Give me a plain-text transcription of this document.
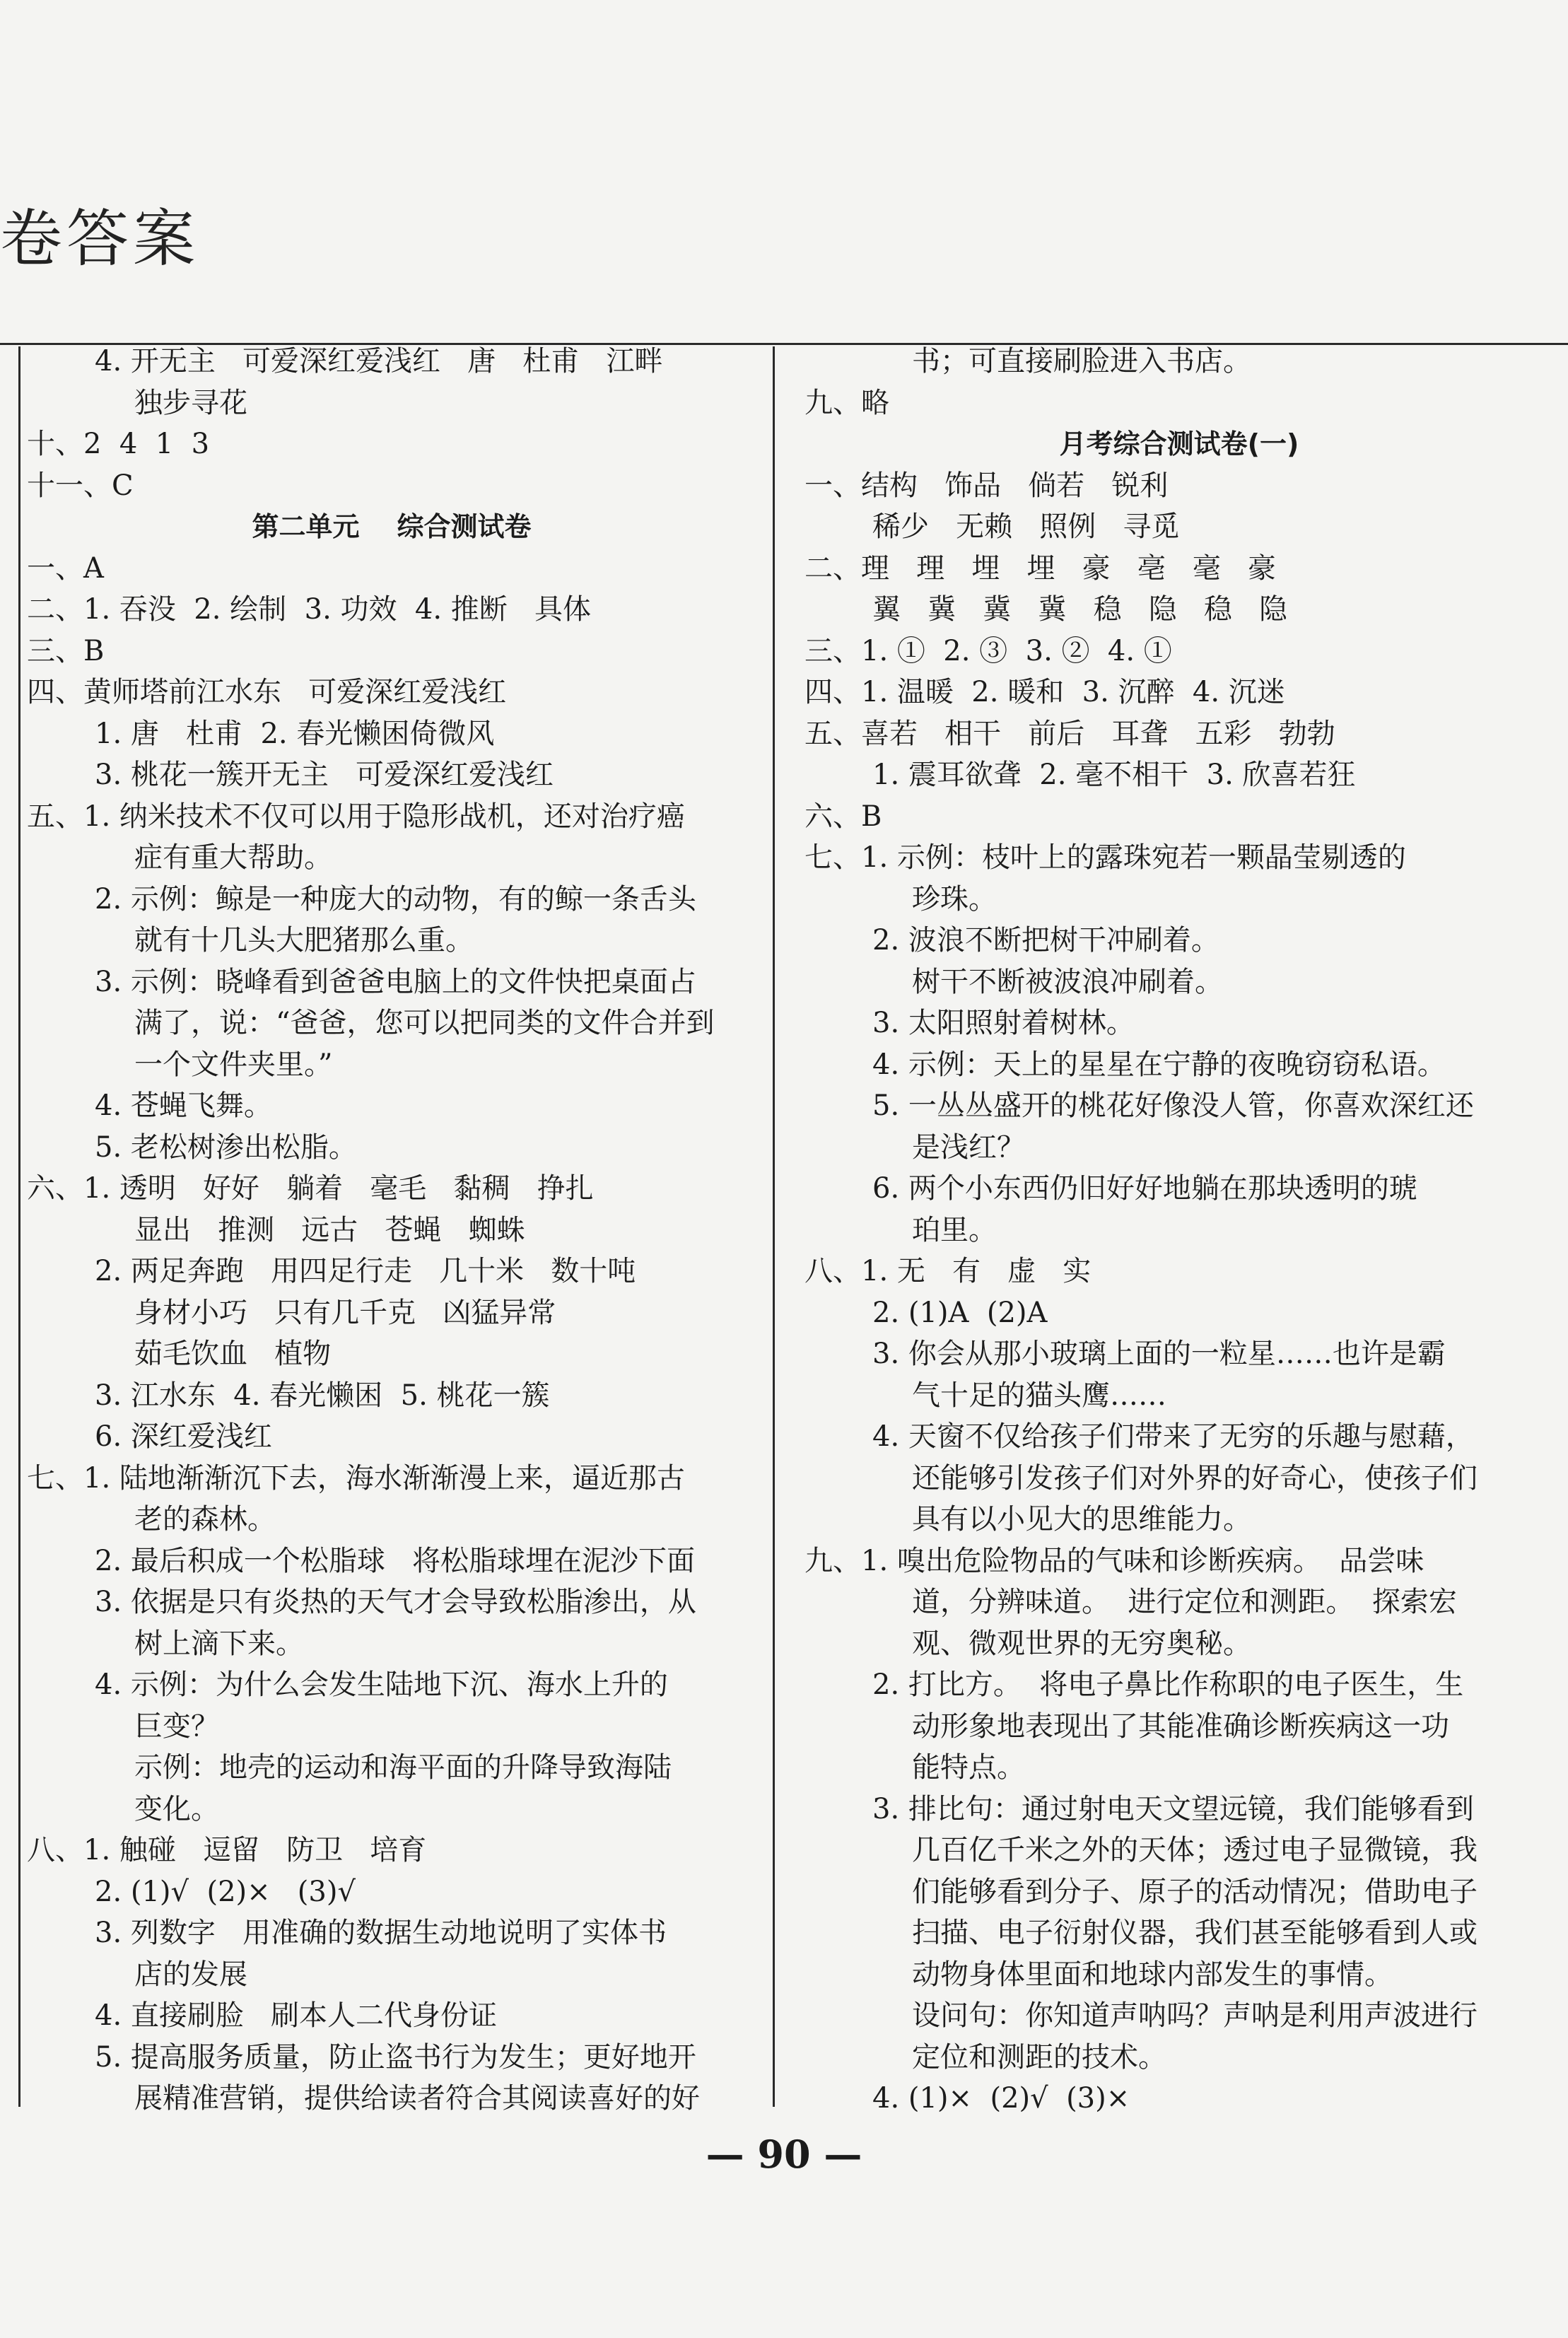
卷答案
4. 开无主   可爱深红爱浅红   唐   杜甫   江畔
独步寻花
十、2  4  1  3
十一、C
第二单元    综合测试卷
一、A
二、1. 吞没  2. 绘制  3. 功效  4. 推断   具体
三、B
四、黄师塔前江水东   可爱深红爱浅红
1. 唐   杜甫  2. 春光懒困倚微风
3. 桃花一簇开无主   可爱深红爱浅红
五、1. 纳米技术不仅可以用于隐形战机，还对治疗癌
症有重大帮助。
2. 示例：鲸是一种庞大的动物，有的鲸一条舌头
就有十几头大肥猪那么重。
3. 示例：晓峰看到爸爸电脑上的文件快把桌面占
满了，说：“爸爸，您可以把同类的文件合并到
一个文件夹里。”
4. 苍蝇飞舞。
5. 老松树渗出松脂。
六、1. 透明   好好   躺着   毫毛   黏稠   挣扎
显出   推测   远古   苍蝇   蜘蛛
2. 两足奔跑   用四足行走   几十米   数十吨
身材小巧   只有几千克   凶猛异常
茹毛饮血   植物
3. 江水东  4. 春光懒困  5. 桃花一簇
6. 深红爱浅红
七、1. 陆地渐渐沉下去，海水渐渐漫上来，逼近那古
老的森林。
2. 最后积成一个松脂球   将松脂球埋在泥沙下面
3. 依据是只有炎热的天气才会导致松脂渗出，从
树上滴下来。
4. 示例：为什么会发生陆地下沉、海水上升的
巨变？
示例：地壳的运动和海平面的升降导致海陆
变化。
八、1. 触碰   逗留   防卫   培育
2. (1)√  (2)×   (3)√
3. 列数字   用准确的数据生动地说明了实体书
店的发展
4. 直接刷脸   刷本人二代身份证
5. 提高服务质量，防止盗书行为发生；更好地开
展精准营销，提供给读者符合其阅读喜好的好
书；可直接刷脸进入书店。
九、略
月考综合测试卷(一)
一、结构   饰品   倘若   锐利
稀少   无赖   照例   寻觅
二、理   理   埋   埋   豪   亳   毫   豪
翼   冀   冀   冀   稳   隐   稳   隐
三、1. ①  2. ③  3. ②  4. ①
四、1. 温暖  2. 暖和  3. 沉醉  4. 沉迷
五、喜若   相干   前后   耳聋   五彩   勃勃
1. 震耳欲聋  2. 毫不相干  3. 欣喜若狂
六、B
七、1. 示例：枝叶上的露珠宛若一颗晶莹剔透的
珍珠。
2. 波浪不断把树干冲刷着。
树干不断被波浪冲刷着。
3. 太阳照射着树林。
4. 示例：天上的星星在宁静的夜晚窃窃私语。
5. 一丛丛盛开的桃花好像没人管，你喜欢深红还
是浅红？
6. 两个小东西仍旧好好地躺在那块透明的琥
珀里。
八、1. 无   有   虚   实
2. (1)A  (2)A
3. 你会从那小玻璃上面的一粒星……也许是霸
气十足的猫头鹰……
4. 天窗不仅给孩子们带来了无穷的乐趣与慰藉，
还能够引发孩子们对外界的好奇心，使孩子们
具有以小见大的思维能力。
九、1. 嗅出危险物品的气味和诊断疾病。  品尝味
道，分辨味道。  进行定位和测距。  探索宏
观、微观世界的无穷奥秘。
2. 打比方。  将电子鼻比作称职的电子医生，生
动形象地表现出了其能准确诊断疾病这一功
能特点。
3. 排比句：通过射电天文望远镜，我们能够看到
几百亿千米之外的天体；透过电子显微镜，我
们能够看到分子、原子的活动情况；借助电子
扫描、电子衍射仪器，我们甚至能够看到人或
动物身体里面和地球内部发生的事情。
设问句：你知道声呐吗？声呐是利用声波进行
定位和测距的技术。
4. (1)×  (2)√  (3)×
— 90 —
